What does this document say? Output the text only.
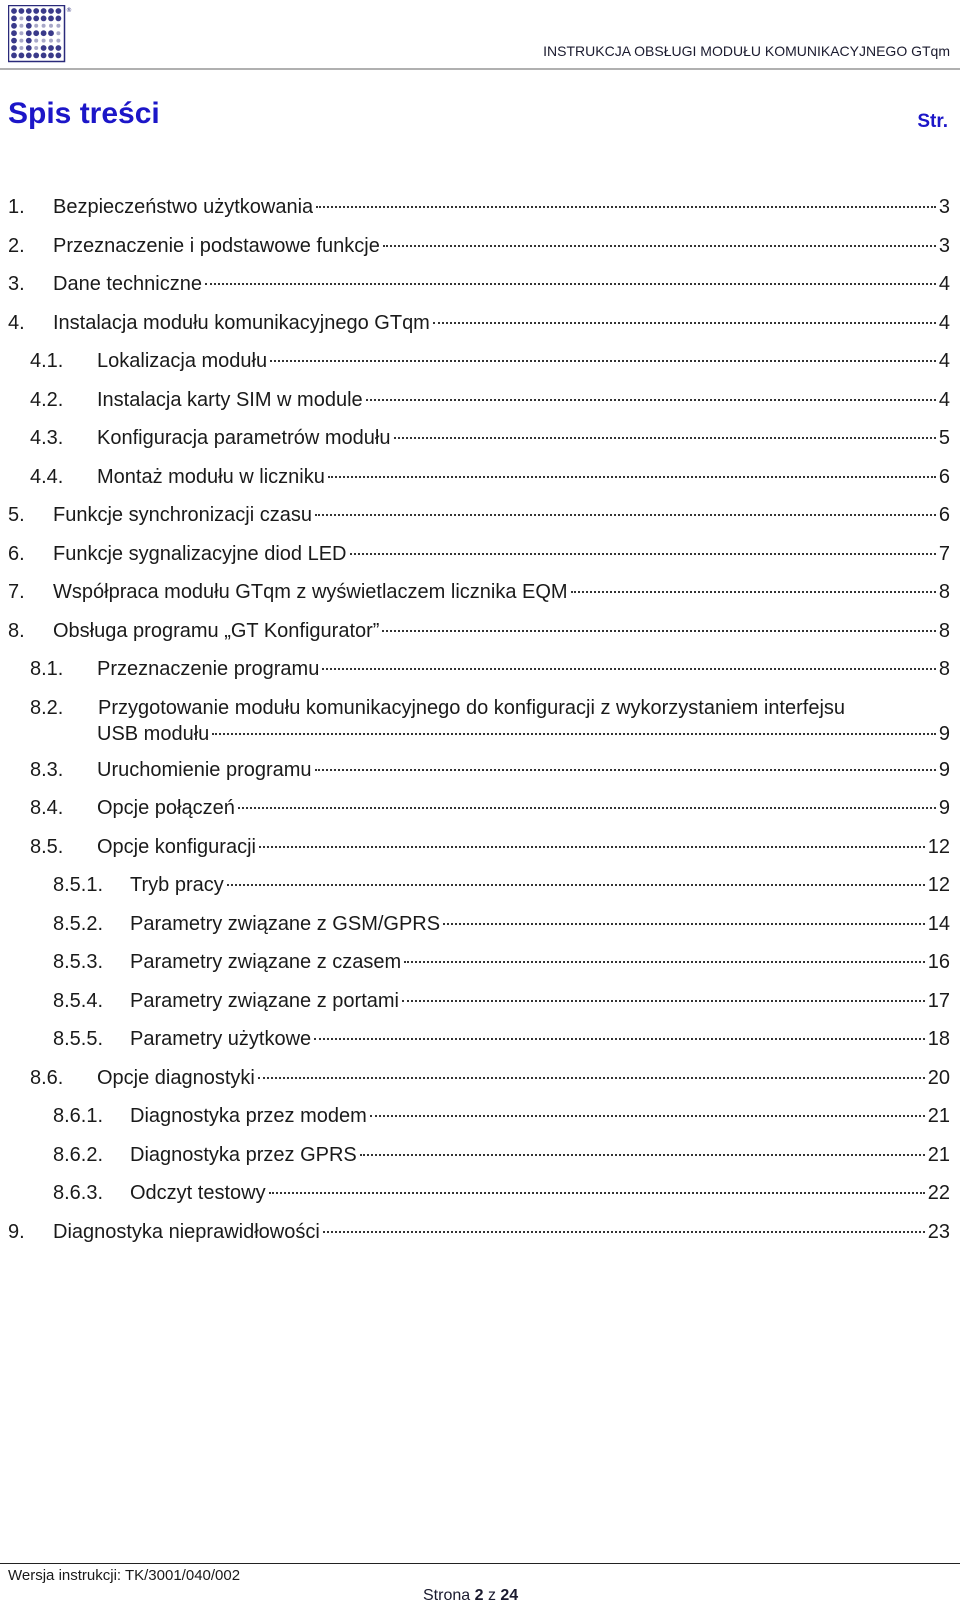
®
INSTRUKCJA OBSŁUGI MODUŁU KOMUNIKACYJNEGO GTqm
Spis treści	Str.
1.	Bezpieczeństwo użytkowania	3
2.	Przeznaczenie i podstawowe funkcje	3
3.	Dane techniczne	4
4.	Instalacja modułu komunikacyjnego GTqm	4
4.1.	Lokalizacja modułu	4
4.2.	Instalacja karty SIM w module	4
4.3.	Konfiguracja parametrów modułu	5
4.4.	Montaż modułu w liczniku	6
5.	Funkcje synchronizacji czasu	6
6.	Funkcje sygnalizacyjne diod LED	7
7.	Współpraca modułu GTqm z wyświetlaczem licznika EQM	8
8.	Obsługa programu „GT Konfigurator”	8
8.1.	Przeznaczenie programu	8
8.2. Przygotowanie modułu komunikacyjnego do konfiguracji z wykorzystaniem interfejsu
USB modułu	9
8.3.	Uruchomienie programu	9
8.4.	Opcje połączeń	9
8.5.	Opcje konfiguracji	12
8.5.1.	Tryb pracy	12
8.5.2.	Parametry związane z GSM/GPRS	14
8.5.3.	Parametry związane z czasem	16
8.5.4.	Parametry związane z portami	17
8.5.5.	Parametry użytkowe	18
8.6.	Opcje diagnostyki	20
8.6.1.	Diagnostyka przez modem	21
8.6.2.	Diagnostyka przez GPRS	21
8.6.3.	Odczyt testowy	22
9.	Diagnostyka nieprawidłowości	23
Wersja instrukcji: TK/3001/040/002
Strona 2 z 24
